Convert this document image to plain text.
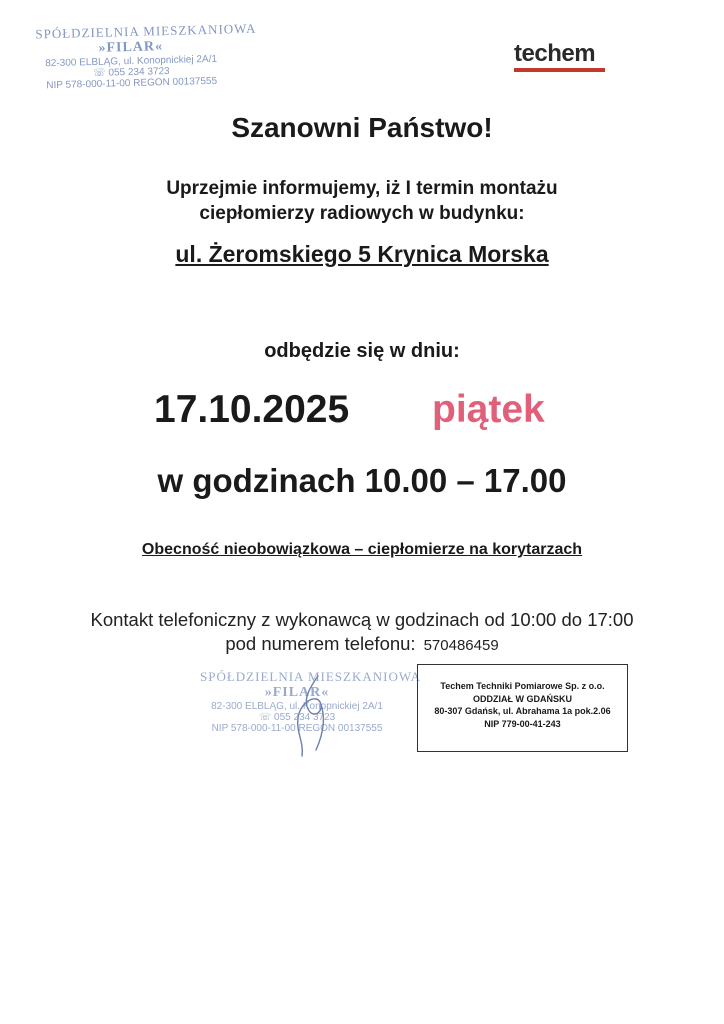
SPÓŁDZIELNIA MIESZKANIOWA
»FILAR«
82-300 ELBLĄG, ul. Konopnickiej 2A/1
☏ 055 234 3723
NIP 578-000-11-00 REGON 00137555
techem
Szanowni Państwo!
Uprzejmie informujemy, iż I termin montażu
ciepłomierzy radiowych w budynku:
ul. Żeromskiego 5 Krynica Morska
odbędzie się w dniu:
17.10.2025 piątek
w godzinach 10.00 – 17.00
Obecność nieobowiązkowa – ciepłomierze na korytarzach
Kontakt telefoniczny z wykonawcą w godzinach od 10:00 do 17:00
pod numerem telefonu: 570486459
SPÓŁDZIELNIA MIESZKANIOWA
»FILAR«
82-300 ELBLĄG, ul. Konopnickiej 2A/1
☏ 055 234 3723
NIP 578-000-11-00 REGON 00137555
Techem Techniki Pomiarowe Sp. z o.o.
ODDZIAŁ W GDAŃSKU
80-307 Gdańsk, ul. Abrahama 1a pok.2.06
NIP 779-00-41-243
